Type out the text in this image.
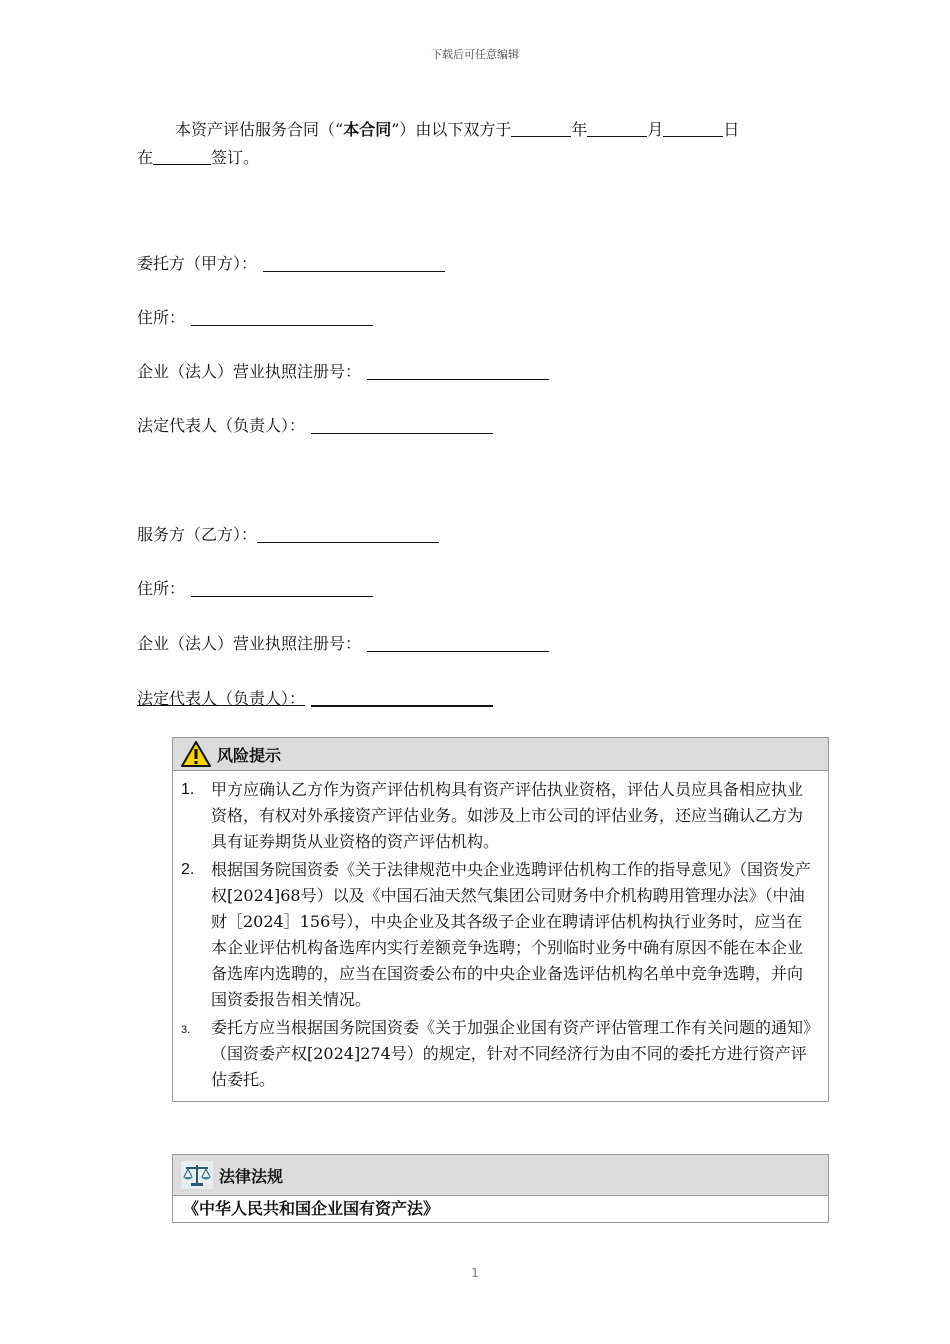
下载后可任意编辑
本资产评估服务合同（“本合同”）由以下双方于	年	月	日
在	签订。
委托方（甲方）：
住所：
企业（法人）营业执照注册号：
法定代表人（负责人）：
服务方（乙方）：
住所：
企业（法人）营业执照注册号：
法定代表人（负责人）：
风险提示
1.	甲方应确认乙方作为资产评估机构具有资产评估执业资格，评估人员应具备相应执业资格，有权对外承接资产评估业务。如涉及上市公司的评估业务，还应当确认乙方为具有证券期货从业资格的资产评估机构。
2.	根据国务院国资委《关于法律规范中央企业选聘评估机构工作的指导意见》（国资发产权[2024]68号）以及《中国石油天然气集团公司财务中介机构聘用管理办法》（中油财［2024］156号），中央企业及其各级子企业在聘请评估机构执行业务时，应当在本企业评估机构备选库内实行差额竞争选聘；个别临时业务中确有原因不能在本企业备选库内选聘的，应当在国资委公布的中央企业备选评估机构名单中竞争选聘，并向国资委报告相关情况。
3.	委托方应当根据国务院国资委《关于加强企业国有资产评估管理工作有关问题的通知》（国资委产权[2024]274号）的规定，针对不同经济行为由不同的委托方进行资产评估委托。
法律法规
《中华人民共和国企业国有资产法》
1
